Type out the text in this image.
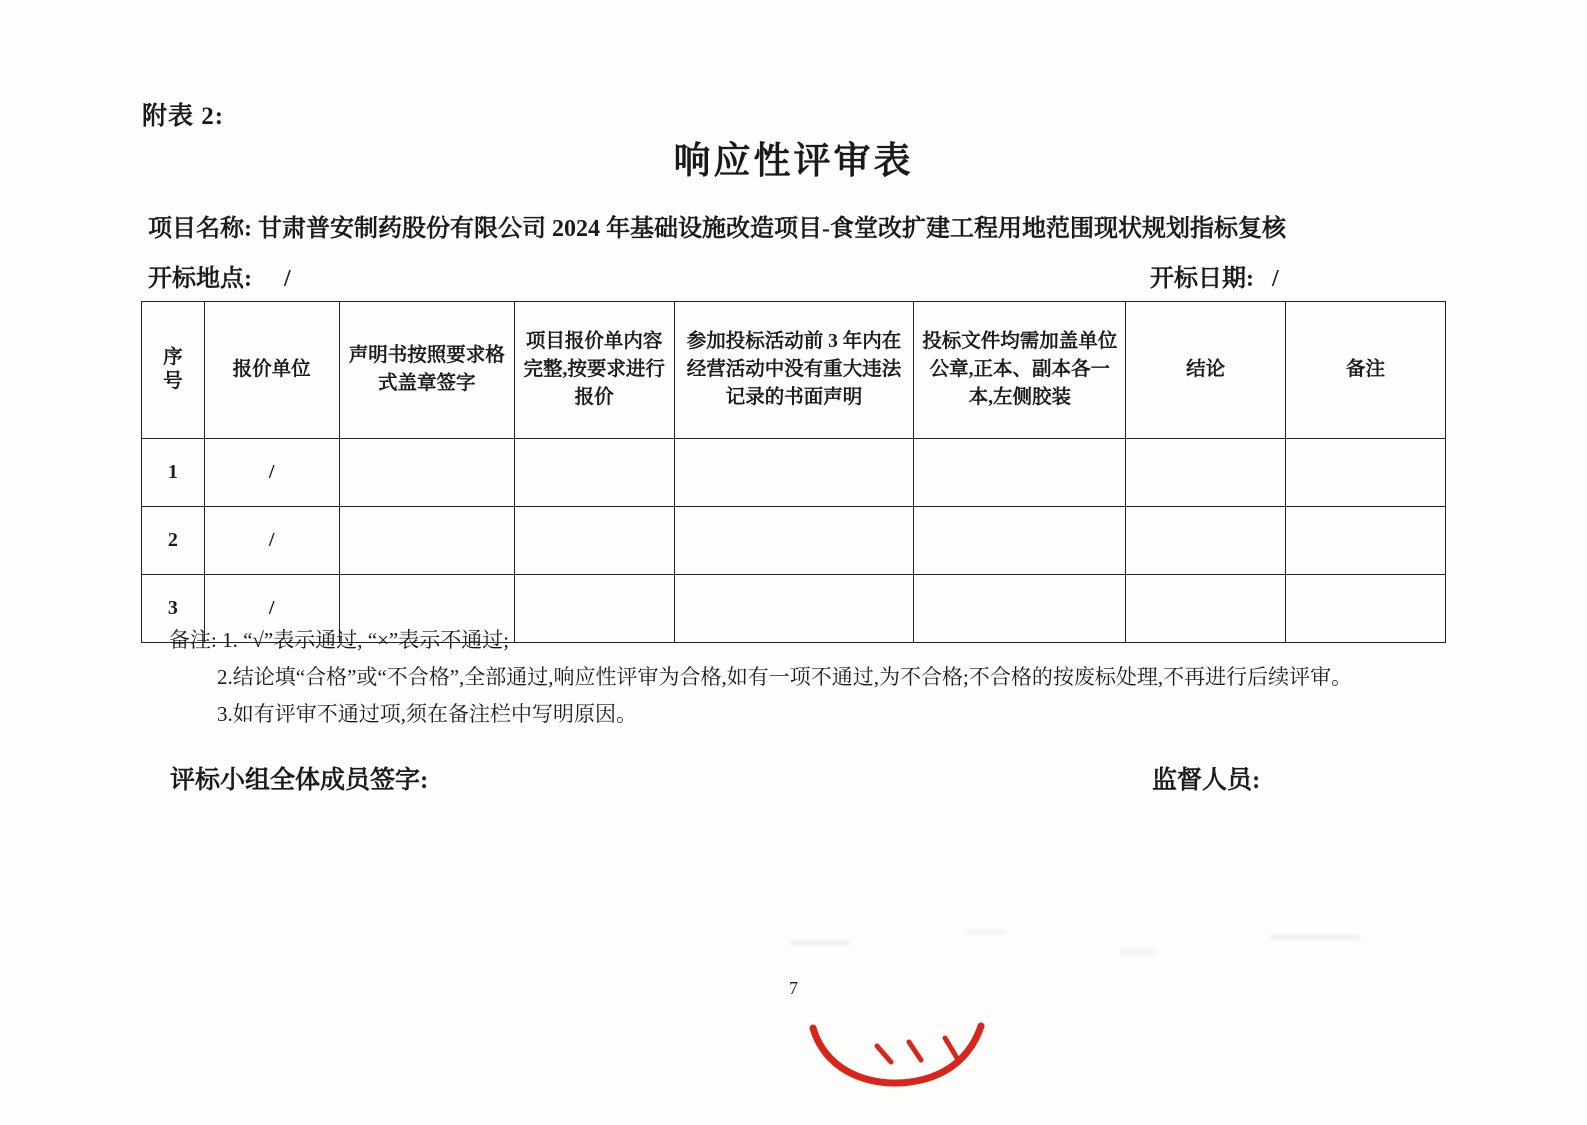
附表 2:
响应性评审表
项目名称: 甘肃普安制药股份有限公司 2024 年基础设施改造项目-食堂改扩建工程用地范围现状规划指标复核
开标地点: /	开标日期: /
序
号	报价单位	声明书按照要求格式盖章签字	项目报价单内容完整,按要求进行报价	参加投标活动前 3 年内在经营活动中没有重大违法记录的书面声明	投标文件均需加盖单位公章,正本、副本各一本,左侧胶装	结论	备注
1	/						
2	/						
3	/						
备注: 1. “√”表示通过, “×”表示不通过;
2.结论填“合格”或“不合格”,全部通过,响应性评审为合格,如有一项不通过,为不合格;不合格的按废标处理,不再进行后续评审。
3.如有评审不通过项,须在备注栏中写明原因。
评标小组全体成员签字:	监督人员:
7
